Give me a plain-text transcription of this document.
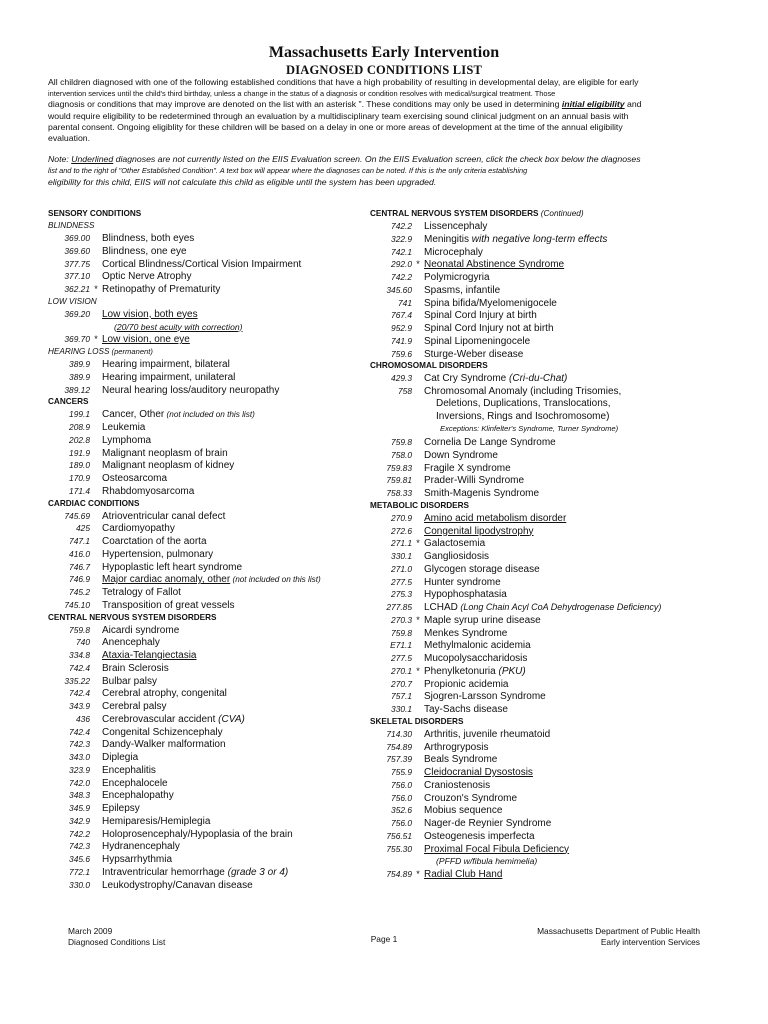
Massachusetts Early Intervention
DIAGNOSED CONDITIONS LIST
All children diagnosed with one of the following established conditions that have a high probability of resulting in developmental delay, are eligible for early
intervention services until the child's third birthday, unless a change in the status of a diagnosis or condition resolves with medical/surgical treatment. Those
diagnosis or conditions that may improve are denoted on the list with an asterisk ". These conditions may only be used in determining initial eligibility and
would require eligibility to be redetermined through an evaluation by a multidisciplinary team exercising sound clinical judgment on an annual basis with
parental consent. Ongoing eligiblity for these children will be based on a delay in one or more areas of development at the time of the annual eligibility
evaluation.
Note: Underlined diagnoses are not currently listed on the EIIS Evaluation screen. On the EIIS Evaluation screen, click the check box below the diagnoses
list and to the right of "Other Established Condition". A text box will appear where the diagnoses can be noted. If this is the only criteria establishing
eligibility for this child, EIIS will not calculate this child as eligible until the system has been upgraded.
SENSORY CONDITIONS
BLINDNESS
369.00 Blindness, both eyes
369.60 Blindness, one eye
377.75 Cortical Blindness/Cortical Vision Impairment
377.10 Optic Nerve Atrophy
362.21 * Retinopathy of Prematurity
LOW VISION
369.20 Low vision, both eyes
(20/70 best acuity with correction)
369.70 * Low vision, one eye
HEARING LOSS (permanent)
389.9 Hearing impairment, bilateral
389.9 Hearing impairment, unilateral
389.12 Neural hearing loss/auditory neuropathy
CANCERS
199.1 Cancer, Other (not included on this list)
208.9 Leukemia
202.8 Lymphoma
191.9 Malignant neoplasm of brain
189.0 Malignant neoplasm of kidney
170.9 Osteosarcoma
171.4 Rhabdomyosarcoma
CARDIAC CONDITIONS
745.69 Atrioventricular canal defect
425 Cardiomyopathy
747.1 Coarctation of the aorta
416.0 Hypertension, pulmonary
746.7 Hypoplastic left heart syndrome
746.9 Major cardiac anomaly, other (not included on this list)
745.2 Tetralogy of Fallot
745.10 Transposition of great vessels
CENTRAL NERVOUS SYSTEM DISORDERS
759.8 Aicardi syndrome
740 Anencephaly
334.8 Ataxia-Telangiectasia
742.4 Brain Sclerosis
335.22 Bulbar palsy
742.4 Cerebral atrophy, congenital
343.9 Cerebral palsy
436 Cerebrovascular accident (CVA)
742.4 Congenital Schizencephaly
742.3 Dandy-Walker malformation
343.0 Diplegia
323.9 Encephalitis
742.0 Encephalocele
348.3 Encephalopathy
345.9 Epilepsy
342.9 Hemiparesis/Hemiplegia
742.2 Holoprosencephaly/Hypoplasia of the brain
742.3 Hydranencephaly
345.6 Hypsarrhythmia
772.1 Intraventricular hemorrhage (grade 3 or 4)
330.0 Leukodystrophy/Canavan disease
CENTRAL NERVOUS SYSTEM DISORDERS (Continued)
742.2 Lissencephaly
322.9 Meningitis with negative long-term effects
742.1 Microcephaly
292.0 * Neonatal Abstinence Syndrome
742.2 Polymicrogyria
345.60 Spasms, infantile
741 Spina bifida/Myelomenigocele
767.4 Spinal Cord Injury at birth
952.9 Spinal Cord Injury not at birth
741.9 Spinal Lipomeningocele
759.6 Sturge-Weber disease
CHROMOSOMAL DISORDERS
429.3 Cat Cry Syndrome (Cri-du-Chat)
758 Chromosomal Anomaly (including Trisomies,
Deletions, Duplications, Translocations,
Inversions, Rings and Isochromosome)
Exceptions: Klinfelter's Syndrome, Turner Syndrome)
759.8 Cornelia De Lange Syndrome
758.0 Down Syndrome
759.83 Fragile X syndrome
759.81 Prader-Willi Syndrome
758.33 Smith-Magenis Syndrome
METABOLIC DISORDERS
270.9 Amino acid metabolism disorder
272.6 Congenital lipodystrophy
271.1 * Galactosemia
330.1 Gangliosidosis
271.0 Glycogen storage disease
277.5 Hunter syndrome
275.3 Hypophosphatasia
277.85 LCHAD (Long Chain Acyl CoA Dehydrogenase Deficiency)
270.3 * Maple syrup urine disease
759.8 Menkes Syndrome
E71.1 Methylmalonic acidemia
277.5 Mucopolysaccharidosis
270.1 * Phenylketonuria (PKU)
270.7 Propionic acidemia
757.1 Sjogren-Larsson Syndrome
330.1 Tay-Sachs disease
SKELETAL DISORDERS
714.30 Arthritis, juvenile rheumatoid
754.89 Arthrogryposis
757.39 Beals Syndrome
755.9 Cleidocranial Dysostosis
756.0 Craniostenosis
756.0 Crouzon's Syndrome
352.6 Mobius sequence
756.0 Nager-de Reynier Syndrome
756.51 Osteogenesis imperfecta
755.30 Proximal Focal Fibula Deficiency
(PFFD w/fibula hemimelia)
754.89 * Radial Club Hand
March 2009
Diagnosed Conditions List	Page 1
Massachusetts Department of Public Health
Early intervention Services
